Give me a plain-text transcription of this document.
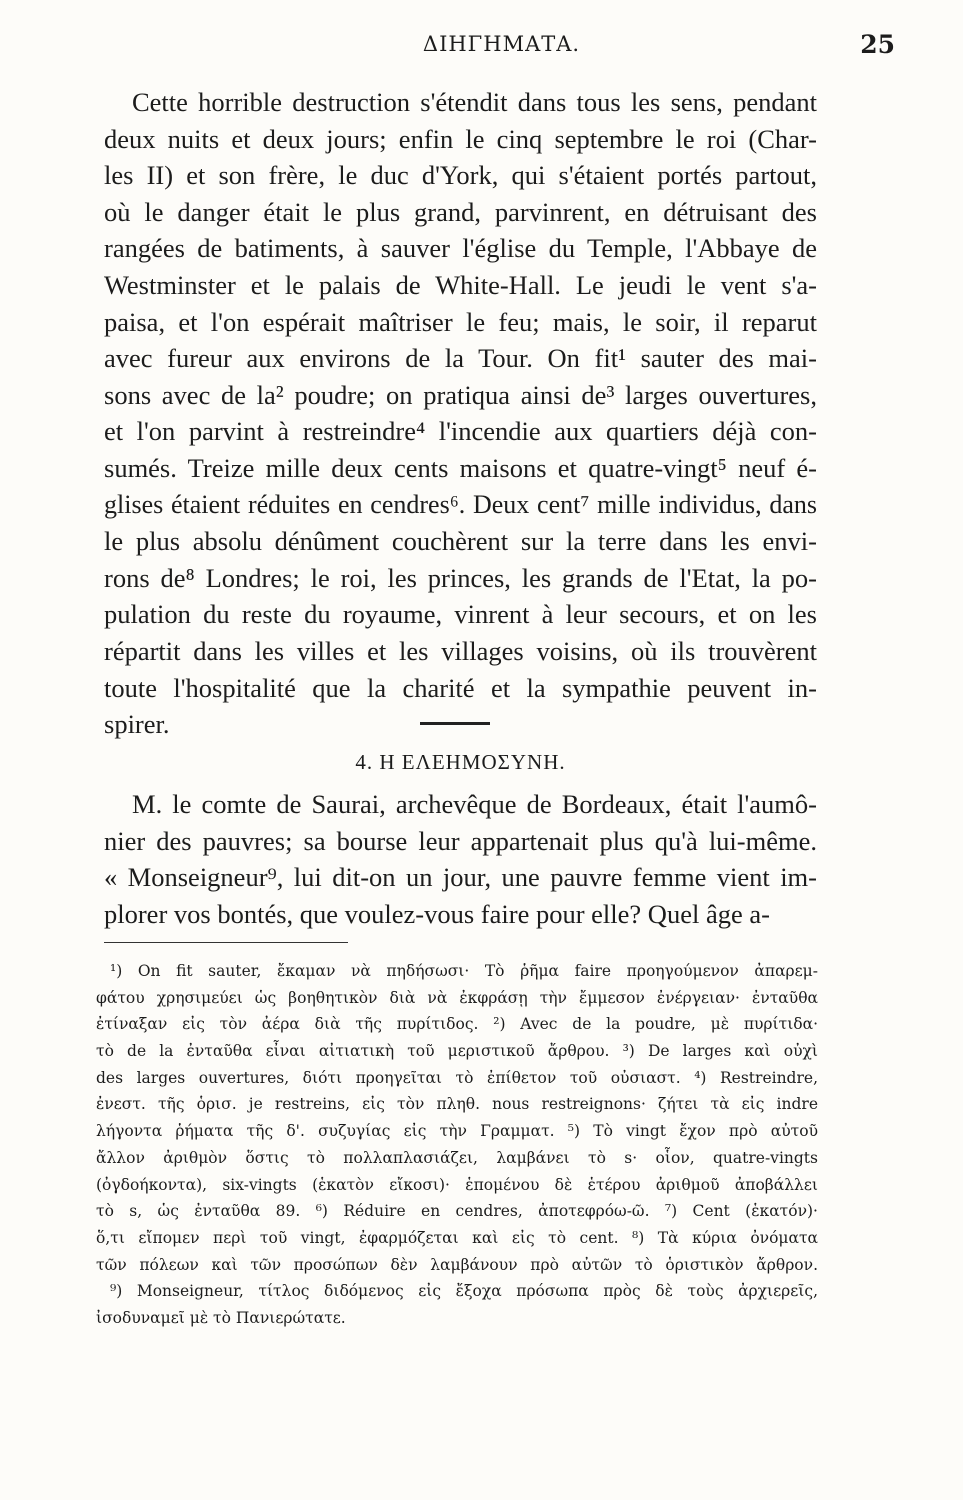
ΔΙΗΓΗΜΑΤΑ.	25
Cette horrible destruction s'étendit dans tous les sens, pendant
deux nuits et deux jours; enfin le cinq septembre le roi (Char-
les II) et son frère, le duc d'York, qui s'étaient portés partout,
où le danger était le plus grand, parvinrent, en détruisant des
rangées de batiments, à sauver l'église du Temple, l'Abbaye de
Westminster et le palais de White-Hall. Le jeudi le vent s'a-
paisa, et l'on espérait maîtriser le feu; mais, le soir, il reparut
avec fureur aux environs de la Tour. On fit¹ sauter des mai-
sons avec de la² poudre; on pratiqua ainsi de³ larges ouvertures,
et l'on parvint à restreindre⁴ l'incendie aux quartiers déjà con-
sumés. Treize mille deux cents maisons et quatre-vingt⁵ neuf é-
glises étaient réduites en cendres⁶. Deux cent⁷ mille individus, dans
le plus absolu dénûment couchèrent sur la terre dans les envi-
rons de⁸ Londres; le roi, les princes, les grands de l'Etat, la po-
pulation du reste du royaume, vinrent à leur secours, et on les
répartit dans les villes et les villages voisins, où ils trouvèrent
toute l'hospitalité que la charité et la sympathie peuvent in-
spirer.
4. Η ΕΛΕΗΜΟΣΥΝΗ.
M. le comte de Saurai, archevêque de Bordeaux, était l'aumô-
nier des pauvres; sa bourse leur appartenait plus qu'à lui-même.
« Monseigneur⁹, lui dit-on un jour, une pauvre femme vient im-
plorer vos bontés, que voulez-vous faire pour elle? Quel âge a-
¹) On fit sauter, ἔκαμαν νὰ πηδήσωσι· Τὸ ῥῆμα faire προηγούμενον ἀπαρεμ-
φάτου χρησιμεύει ὡς βοηθητικὸν διὰ νὰ ἐκφράσῃ τὴν ἔμμεσον ἐνέργειαν· ἐνταῦθα
ἐτίναξαν εἰς τὸν ἀέρα διὰ τῆς πυρίτιδος. ²) Avec de la poudre, μὲ πυρίτιδα·
τὸ de la ἐνταῦθα εἶναι αἰτιατικὴ τοῦ μεριστικοῦ ἄρθρου. ³) De larges καὶ οὐχὶ
des larges ouvertures, διότι προηγεῖται τὸ ἐπίθετον τοῦ οὐσιαστ. ⁴) Restreindre,
ἐνεστ. τῆς ὁρισ. je restreins, εἰς τὸν πληθ. nous restreignons· ζήτει τὰ εἰς indre
λήγοντα ῥήματα τῆς δ'. συζυγίας εἰς τὴν Γραμματ. ⁵) Τὸ vingt ἔχον πρὸ αὐτοῦ
ἄλλον ἀριθμὸν ὅστις τὸ πολλαπλασιάζει, λαμβάνει τὸ s· οἷον, quatre-vingts
(ὀγδοήκοντα), six-vingts (ἑκατὸν εἴκοσι)· ἑπομένου δὲ ἑτέρου ἀριθμοῦ ἀποβάλλει
τὸ s, ὡς ἐνταῦθα 89. ⁶) Réduire en cendres, ἀποτεφρόω-ῶ. ⁷) Cent (ἑκατόν)·
ὅ,τι εἴπομεν περὶ τοῦ vingt, ἐφαρμόζεται καὶ εἰς τὸ cent. ⁸) Τὰ κύρια ὀνόματα
τῶν πόλεων καὶ τῶν προσώπων δὲν λαμβάνουν πρὸ αὐτῶν τὸ ὁριστικὸν ἄρθρον.
⁹) Monseigneur, τίτλος διδόμενος εἰς ἔξοχα πρόσωπα πρὸς δὲ τοὺς ἀρχιερεῖς,
ἰσοδυναμεῖ μὲ τὸ Πανιερώτατε.
